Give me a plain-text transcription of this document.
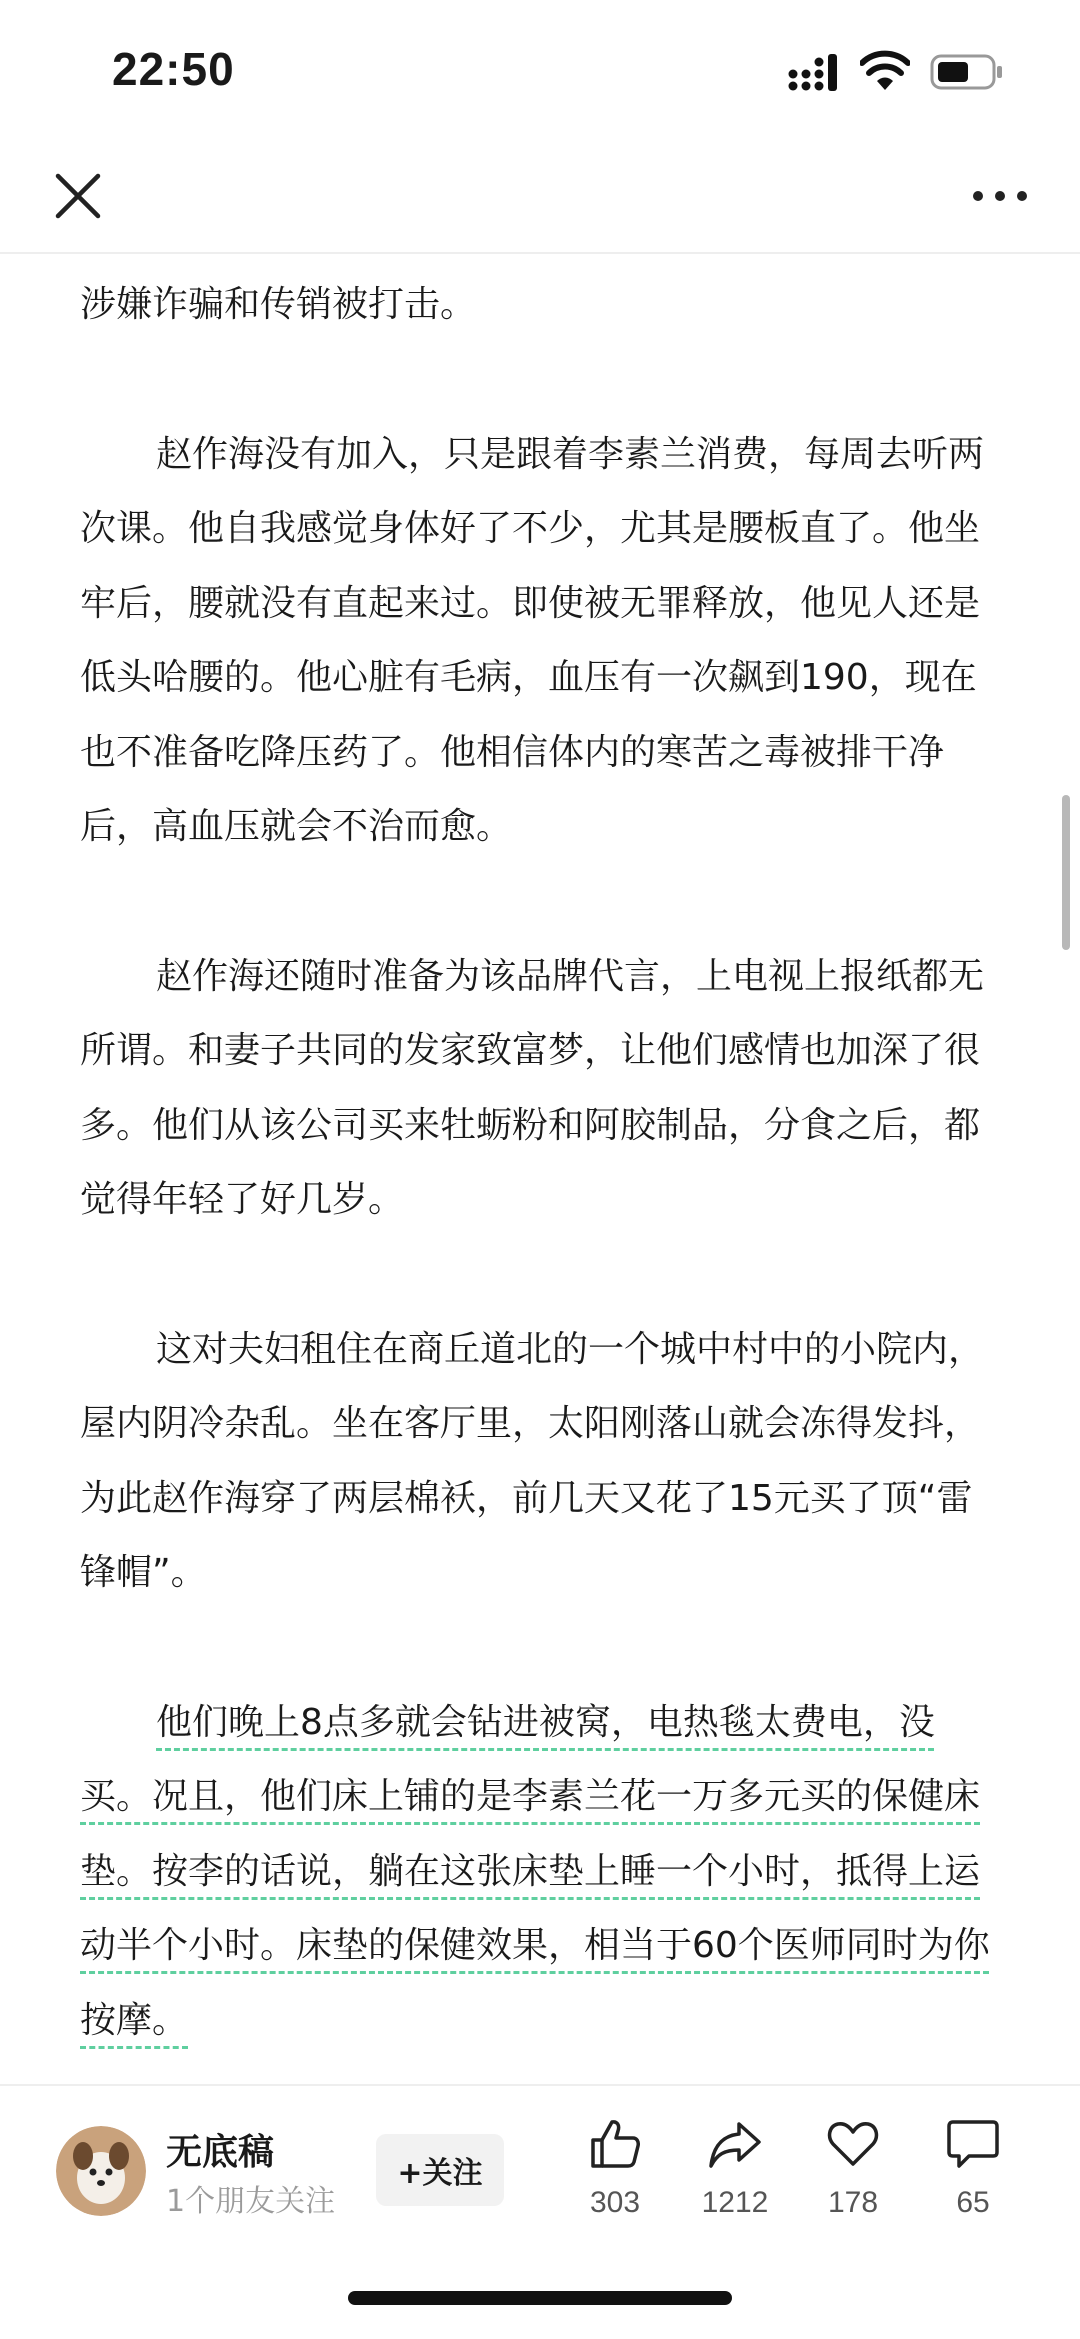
22:50

涉嫌诈骗和传销被打击。

赵作海没有加入，只是跟着李素兰消费，每周去听两次课。他自我感觉身体好了不少，尤其是腰板直了。他坐牢后，腰就没有直起来过。即使被无罪释放，他见人还是低头哈腰的。他心脏有毛病，血压有一次飙到190，现在也不准备吃降压药了。他相信体内的寒苦之毒被排干净后，高血压就会不治而愈。

赵作海还随时准备为该品牌代言，上电视上报纸都无所谓。和妻子共同的发家致富梦，让他们感情也加深了很多。他们从该公司买来牡蛎粉和阿胶制品，分食之后，都觉得年轻了好几岁。

这对夫妇租住在商丘道北的一个城中村中的小院内，屋内阴冷杂乱。坐在客厅里，太阳刚落山就会冻得发抖，为此赵作海穿了两层棉袄，前几天又花了15元买了顶“雷锋帽”。

他们晚上8点多就会钻进被窝，电热毯太费电，没买。况且，他们床上铺的是李素兰花一万多元买的保健床垫。按李的话说，躺在这张床垫上睡一个小时，抵得上运动半个小时。床垫的保健效果，相当于60个医师同时为你按摩。

无底稿
1个朋友关注
+关注
303	1212	178	65
